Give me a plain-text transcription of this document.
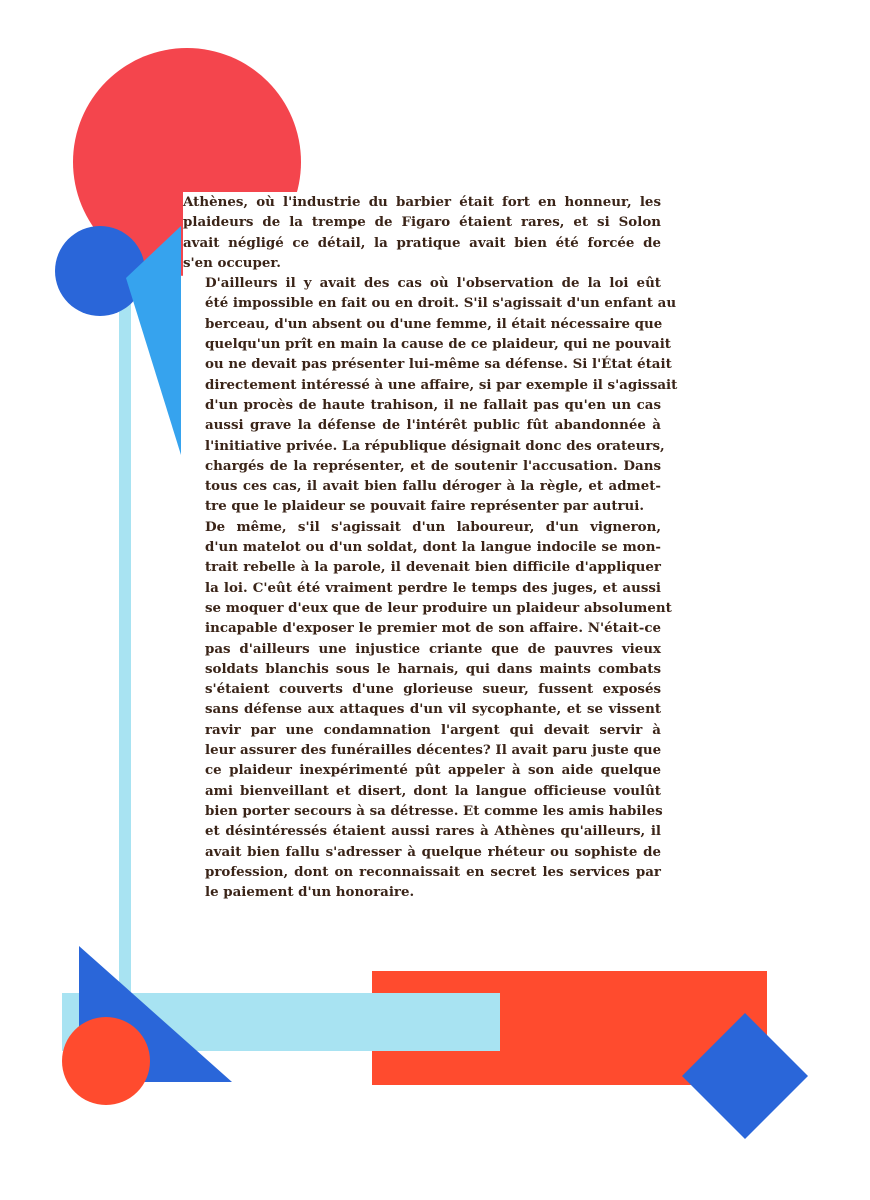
Athènes, où l'industrie du barbier était fort en honneur, les
plaideurs de la trempe de Figaro étaient rares, et si Solon
avait négligé ce détail, la pratique avait bien été forcée de
s'en occuper.

D'ailleurs il y avait des cas où l'observation de la loi eût
été impossible en fait ou en droit. S'il s'agissait d'un enfant au
berceau, d'un absent ou d'une femme, il était nécessaire que
quelqu'un prît en main la cause de ce plaideur, qui ne pouvait
ou ne devait pas présenter lui-même sa défense. Si l'État était
directement intéressé à une affaire, si par exemple il s'agissait
d'un procès de haute trahison, il ne fallait pas qu'en un cas
aussi grave la défense de l'intérêt public fût abandonnée à
l'initiative privée. La république désignait donc des orateurs,
chargés de la représenter, et de soutenir l'accusation. Dans
tous ces cas, il avait bien fallu déroger à la règle, et admet-
tre que le plaideur se pouvait faire représenter par autrui.

De même, s'il s'agissait d'un laboureur, d'un vigneron,
d'un matelot ou d'un soldat, dont la langue indocile se mon-
trait rebelle à la parole, il devenait bien difficile d'appliquer
la loi. C'eût été vraiment perdre le temps des juges, et aussi
se moquer d'eux que de leur produire un plaideur absolument
incapable d'exposer le premier mot de son affaire. N'était-ce
pas d'ailleurs une injustice criante que de pauvres vieux
soldats blanchis sous le harnais, qui dans maints combats
s'étaient couverts d'une glorieuse sueur, fussent exposés
sans défense aux attaques d'un vil sycophante, et se vissent
ravir par une condamnation l'argent qui devait servir à
leur assurer des funérailles décentes? Il avait paru juste que
ce plaideur inexpérimenté pût appeler à son aide quelque
ami bienveillant et disert, dont la langue officieuse voulût
bien porter secours à sa détresse. Et comme les amis habiles
et désintéressés étaient aussi rares à Athènes qu'ailleurs, il
avait bien fallu s'adresser à quelque rhéteur ou sophiste de
profession, dont on reconnaissait en secret les services par
le paiement d'un honoraire.
